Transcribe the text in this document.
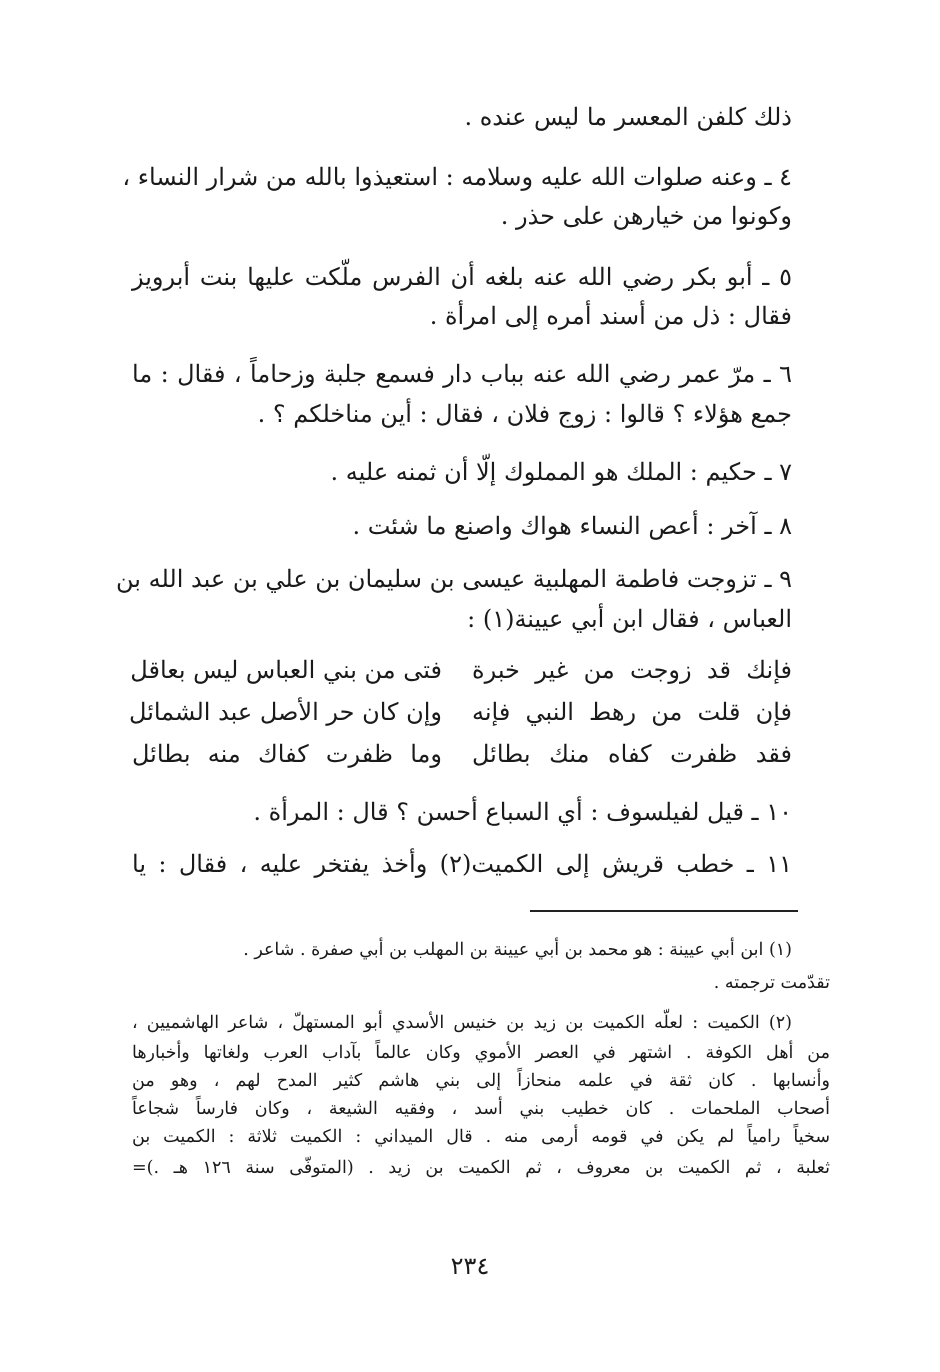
ذلك كلفن المعسر ما ليس عنده .
٤ ـ وعنه صلوات الله عليه وسلامه : استعيذوا بالله من شرار النساء ،
وكونوا من خيارهن على حذر .
٥ ـ أبو بكر رضي الله عنه بلغه أن الفرس ملّكت عليها بنت أبرويز
فقال : ذل من أسند أمره إلى امرأة .
٦ ـ مرّ عمر رضي الله عنه بباب دار فسمع جلبة وزحاماً ، فقال : ما
جمع هؤلاء ؟ قالوا : زوج فلان ، فقال : أين مناخلكم ؟ .
٧ ـ حكيم : الملك هو المملوك إلّا أن ثمنه عليه .
٨ ـ آخر : أعص النساء هواك واصنع ما شئت .
٩ ـ تزوجت فاطمة المهلبية عيسى بن سليمان بن علي بن عبد الله بن
العباس ، فقال ابن أبي عيينة(١) :
فإنك قد زوجت من غير خبرة
فتى من بني العباس ليس بعاقل
فإن قلت من رهط النبي فإنه
وإن كان حر الأصل عبد الشمائل
فقد ظفرت كفاه منك بطائل
وما ظفرت كفاك منه بطائل
١٠ ـ قيل لفيلسوف : أي السباع أحسن ؟ قال : المرأة .
١١ ـ خطب قريش إلى الكميت(٢) وأخذ يفتخر عليه ، فقال : يا
(١) ابن أبي عيينة : هو محمد بن أبي عيينة بن المهلب بن أبي صفرة . شاعر .
تقدّمت ترجمته .
(٢) الكميت : لعلّه الكميت بن زيد بن خنيس الأسدي أبو المستهلّ ، شاعر الهاشميين ،
من أهل الكوفة . اشتهر في العصر الأموي وكان عالماً بآداب العرب ولغاتها وأخبارها
وأنسابها . كان ثقة في علمه منحازاً إلى بني هاشم كثير المدح لهم ، وهو من
أصحاب الملحمات . كان خطيب بني أسد ، وفقيه الشيعة ، وكان فارساً شجاعاً
سخياً رامياً لم يكن في قومه أرمى منه . قال الميداني : الكميت ثلاثة : الكميت بن
ثعلبة ، ثم الكميت بن معروف ، ثم الكميت بن زيد . (المتوفّى سنة ١٢٦ هـ .)=
٢٣٤
